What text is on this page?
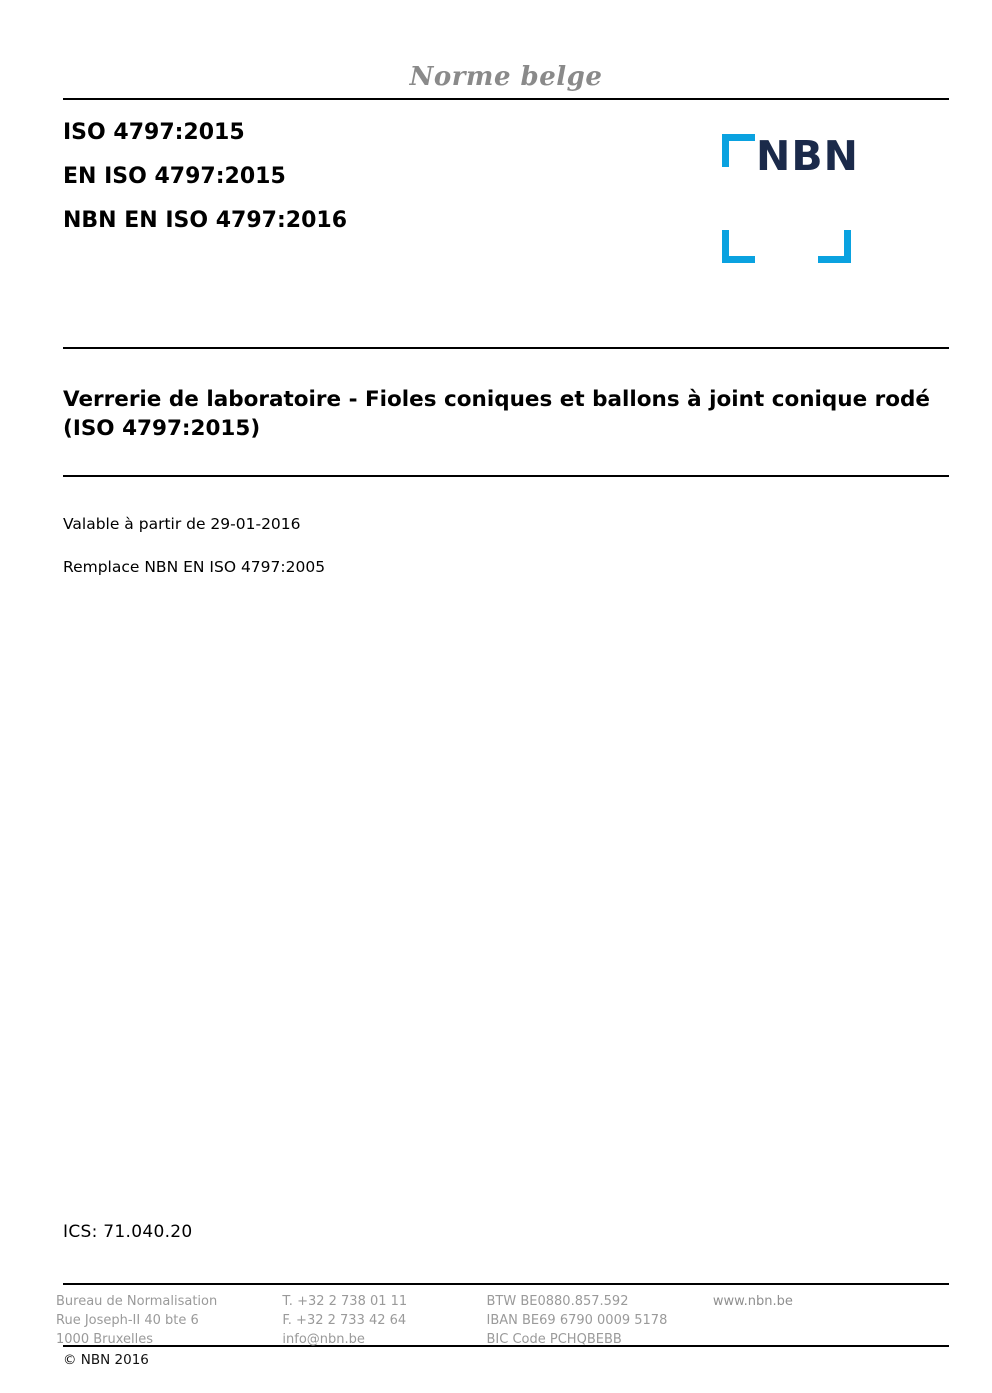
Norme belge
ISO 4797:2015
EN ISO 4797:2015
NBN EN ISO 4797:2016
NBN
Verrerie de laboratoire - Fioles coniques et ballons à joint conique rodé (ISO 4797:2015)
Valable à partir de 29-01-2016
Remplace NBN EN ISO 4797:2005
ICS: 71.040.20
© NBN 2016
Bureau de Normalisation
Rue Joseph-II 40 bte 6
1000 Bruxelles
T. +32 2 738 01 11
F. +32 2 733 42 64
info@nbn.be
BTW BE0880.857.592
IBAN BE69 6790 0009 5178
BIC Code PCHQBEBB
www.nbn.be
